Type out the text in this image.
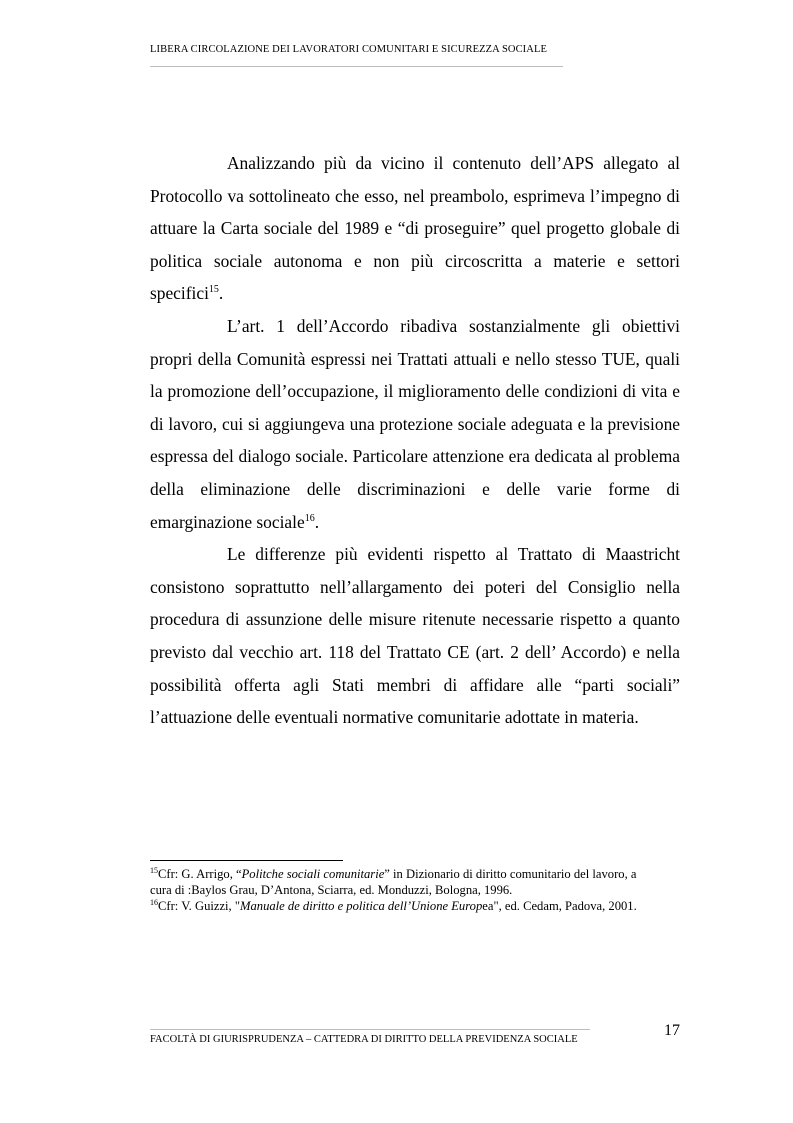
LIBERA CIRCOLAZIONE DEI LAVORATORI COMUNITARI E SICUREZZA SOCIALE

Analizzando più da vicino il contenuto dell’APS allegato al Protocollo va sottolineato che esso, nel preambolo, esprimeva l’impegno di attuare la Carta sociale del 1989 e “di proseguire” quel progetto globale di politica sociale autonoma e non più circoscritta a materie e settori specifici$^{15}$.

L’art. 1 dell’Accordo ribadiva sostanzialmente gli obiettivi propri della Comunità espressi nei Trattati attuali e nello stesso TUE, quali la promozione dell’occupazione, il miglioramento delle condizioni di vita e di lavoro, cui si aggiungeva una protezione sociale adeguata e la previsione espressa del dialogo sociale. Particolare attenzione era dedicata al problema della eliminazione delle discriminazioni e delle varie forme di emarginazione sociale$^{16}$.

Le differenze più evidenti rispetto al Trattato di Maastricht consistono soprattutto nell’allargamento dei poteri del Consiglio nella procedura di assunzione delle misure ritenute necessarie rispetto a quanto previsto dal vecchio art. 118 del Trattato CE (art. 2 dell’ Accordo) e nella possibilità offerta agli Stati membri di affidare alle “parti sociali” l’attuazione delle eventuali normative comunitarie adottate in materia.

$^{15}$Cfr: G. Arrigo, “Politche sociali comunitarie” in Dizionario di diritto comunitario del lavoro, a

cura di :Baylos Grau, D’Antona, Sciarra, ed. Monduzzi, Bologna, 1996.

$^{16}$Cfr: V. Guizzi, "Manuale de diritto e politica dell’Unione Europea", ed. Cedam, Padova, 2001.

FACOLTÀ DI GIURISPRUDENZA – CATTEDRA DI DIRITTO DELLA PREVIDENZA SOCIALE
17
